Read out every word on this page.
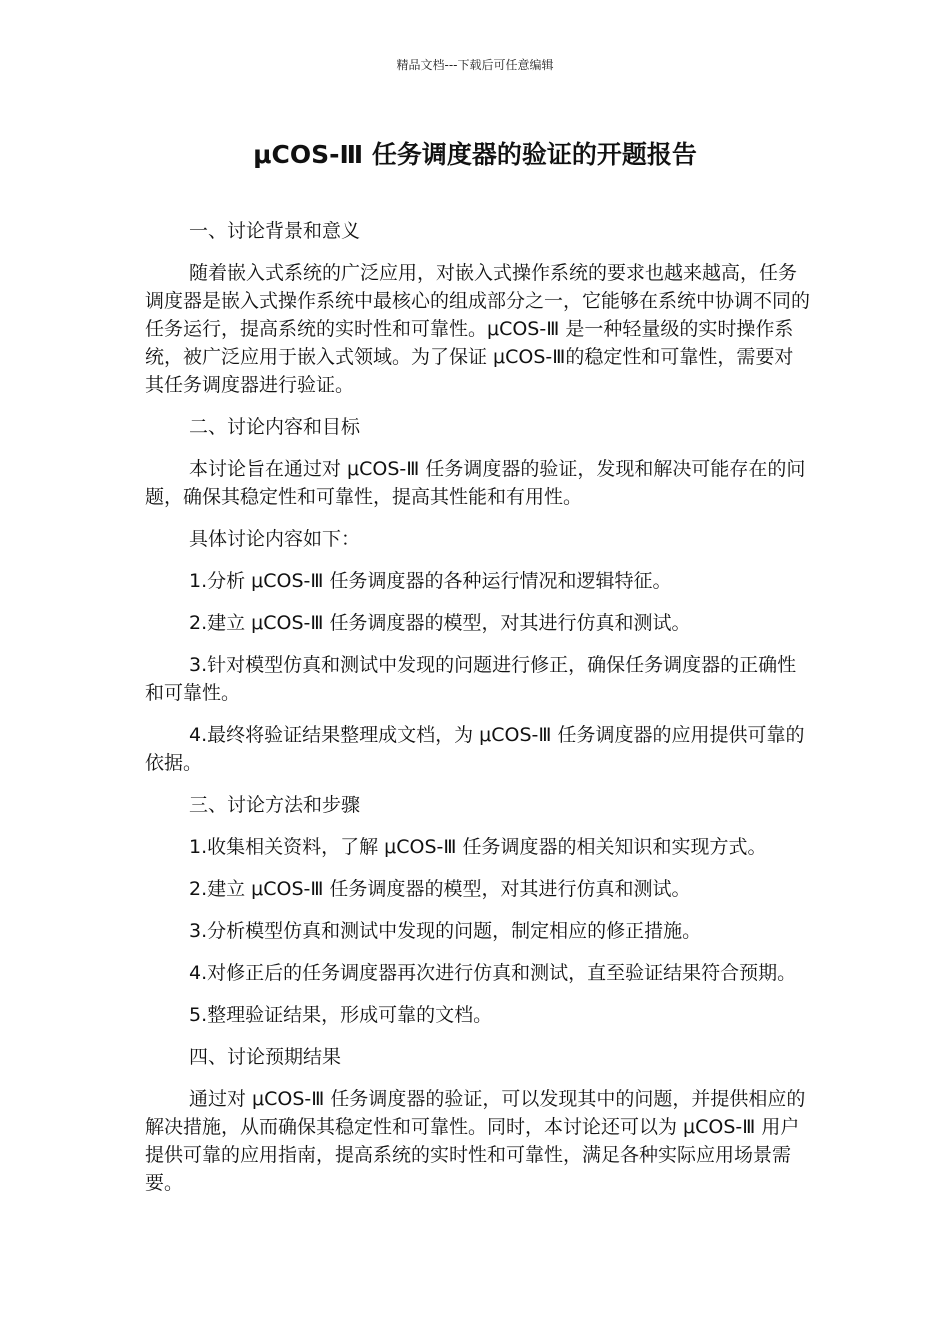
精品文档---下载后可任意编辑
μCOS-Ⅲ 任务调度器的验证的开题报告

一、讨论背景和意义

随着嵌入式系统的广泛应用，对嵌入式操作系统的要求也越来越高，任务调度器是嵌入式操作系统中最核心的组成部分之一，它能够在系统中协调不同的任务运行，提高系统的实时性和可靠性。μCOS-Ⅲ 是一种轻量级的实时操作系统，被广泛应用于嵌入式领域。为了保证 μCOS-Ⅲ的稳定性和可靠性，需要对其任务调度器进行验证。

二、讨论内容和目标

本讨论旨在通过对 μCOS-Ⅲ 任务调度器的验证，发现和解决可能存在的问题，确保其稳定性和可靠性，提高其性能和有用性。

具体讨论内容如下：

1.分析 μCOS-Ⅲ 任务调度器的各种运行情况和逻辑特征。

2.建立 μCOS-Ⅲ 任务调度器的模型，对其进行仿真和测试。

3.针对模型仿真和测试中发现的问题进行修正，确保任务调度器的正确性和可靠性。

4.最终将验证结果整理成文档，为 μCOS-Ⅲ 任务调度器的应用提供可靠的依据。

三、讨论方法和步骤

1.收集相关资料，了解 μCOS-Ⅲ 任务调度器的相关知识和实现方式。

2.建立 μCOS-Ⅲ 任务调度器的模型，对其进行仿真和测试。

3.分析模型仿真和测试中发现的问题，制定相应的修正措施。

4.对修正后的任务调度器再次进行仿真和测试，直至验证结果符合预期。

5.整理验证结果，形成可靠的文档。

四、讨论预期结果

通过对 μCOS-Ⅲ 任务调度器的验证，可以发现其中的问题，并提供相应的解决措施，从而确保其稳定性和可靠性。同时，本讨论还可以为 μCOS-Ⅲ 用户提供可靠的应用指南，提高系统的实时性和可靠性，满足各种实际应用场景需要。
